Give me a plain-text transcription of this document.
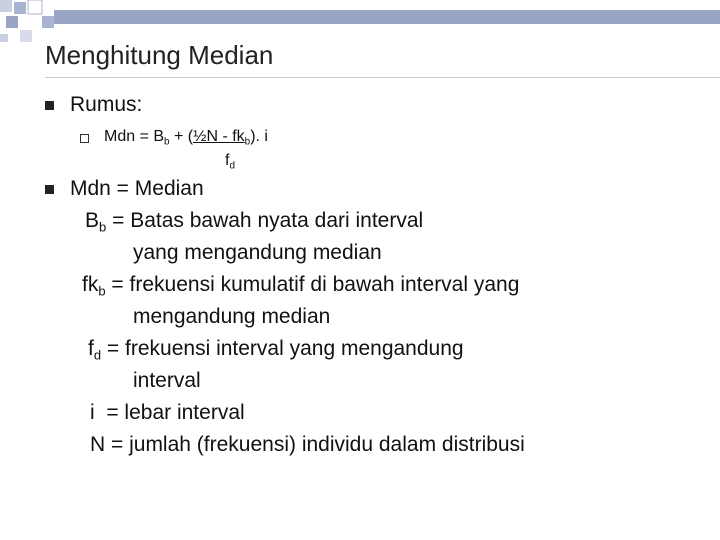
Menghitung Median
Rumus:
Mdn = $B_b$ + (½N - $fk_b$). i
$f_d$
Mdn = Median
$B_b$ = Batas bawah nyata dari interval
yang mengandung median
$fk_b$ = frekuensi kumulatif di bawah interval yang
mengandung median
$f_d$ = frekuensi interval yang mengandung
interval
i  = lebar interval
N = jumlah (frekuensi) individu dalam distribusi
